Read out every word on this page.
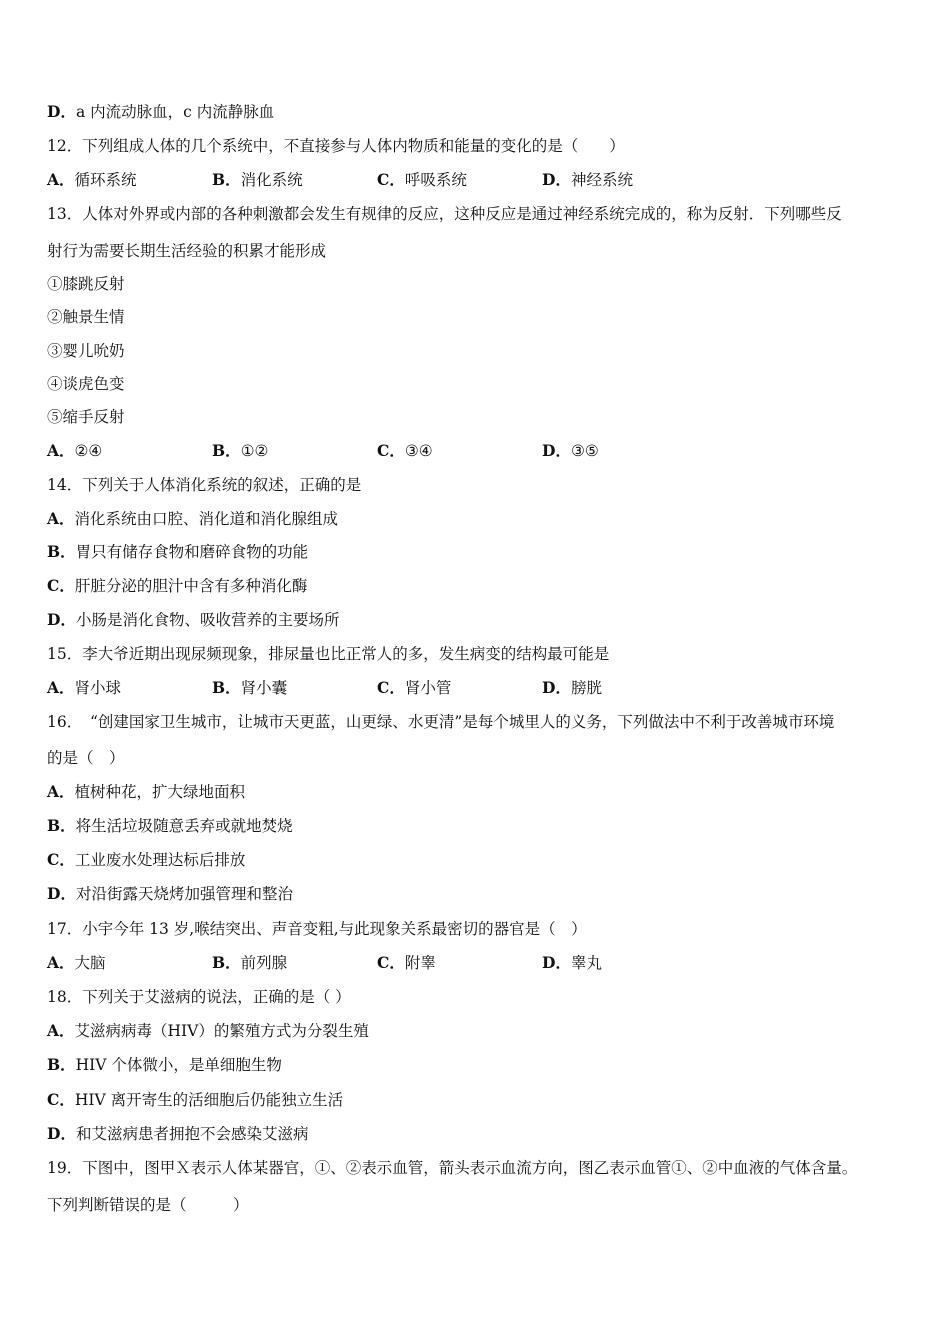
D．a 内流动脉血，c 内流静脉血
12．下列组成人体的几个系统中，不直接参与人体内物质和能量的变化的是（　　）
A．循环系统	B．消化系统	C．呼吸系统	D．神经系统
13．人体对外界或内部的各种刺激都会发生有规律的反应，这种反应是通过神经系统完成的，称为反射．下列哪些反
射行为需要长期生活经验的积累才能形成
①膝跳反射
②触景生情
③婴儿吮奶
④谈虎色变
⑤缩手反射
A．②④	B．①②	C．③④	D．③⑤
14．下列关于人体消化系统的叙述，正确的是
A．消化系统由口腔、消化道和消化腺组成
B．胃只有储存食物和磨碎食物的功能
C．肝脏分泌的胆汁中含有多种消化酶
D．小肠是消化食物、吸收营养的主要场所
15．李大爷近期出现尿频现象，排尿量也比正常人的多，发生病变的结构最可能是
A．肾小球	B．肾小囊	C．肾小管	D．膀胱
16．　“创建国家卫生城市，让城市天更蓝，山更绿、水更清”是每个城里人的义务，下列做法中不利于改善城市环境
的是（　）
A．植树种花，扩大绿地面积
B．将生活垃圾随意丢弃或就地焚烧
C．工业废水处理达标后排放
D．对沿街露天烧烤加强管理和整治
17．小宇今年 13 岁,喉结突出、声音变粗,与此现象关系最密切的器官是（　）
A．大脑	B．前列腺	C．附睾	D．睾丸
18．下列关于艾滋病的说法，正确的是（ ）
A．艾滋病病毒（HIV）的繁殖方式为分裂生殖
B．HIV 个体微小，是单细胞生物
C．HIV 离开寄生的活细胞后仍能独立生活
D．和艾滋病患者拥抱不会感染艾滋病
19．下图中，图甲Ｘ表示人体某器官，①、②表示血管，箭头表示血流方向，图乙表示血管①、②中血液的气体含量。
下列判断错误的是（　　　）
